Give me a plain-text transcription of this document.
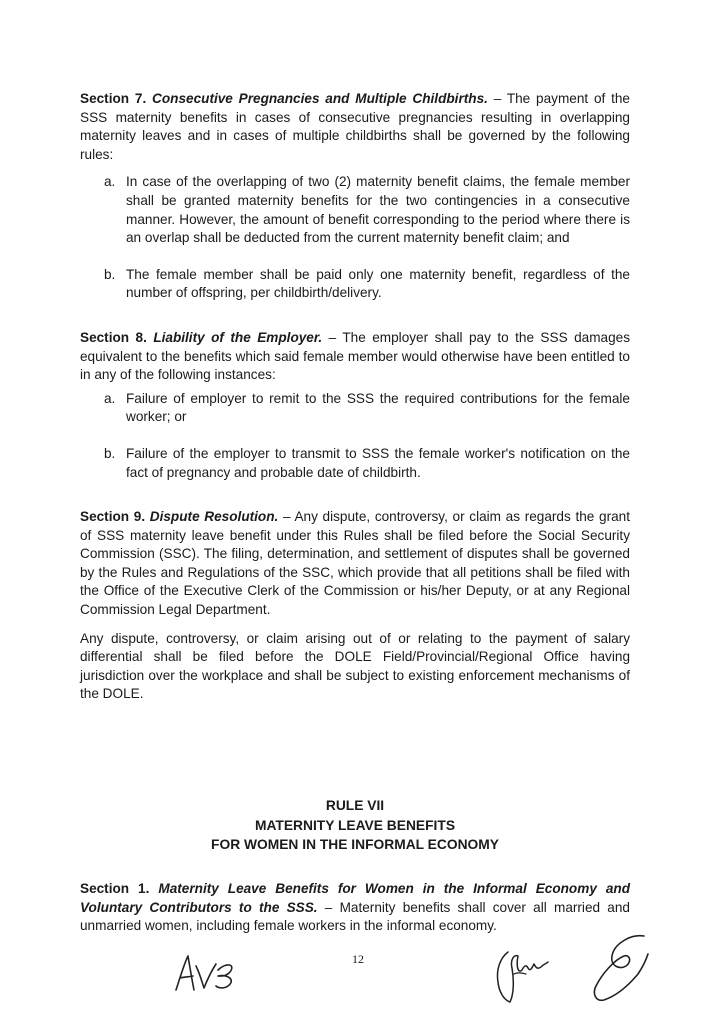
Section 7. Consecutive Pregnancies and Multiple Childbirths. – The payment of the SSS maternity benefits in cases of consecutive pregnancies resulting in overlapping maternity leaves and in cases of multiple childbirths shall be governed by the following rules:

a. In case of the overlapping of two (2) maternity benefit claims, the female member shall be granted maternity benefits for the two contingencies in a consecutive manner. However, the amount of benefit corresponding to the period where there is an overlap shall be deducted from the current maternity benefit claim; and

b. The female member shall be paid only one maternity benefit, regardless of the number of offspring, per childbirth/delivery.

Section 8. Liability of the Employer. – The employer shall pay to the SSS damages equivalent to the benefits which said female member would otherwise have been entitled to in any of the following instances:

a. Failure of employer to remit to the SSS the required contributions for the female worker; or

b. Failure of the employer to transmit to SSS the female worker's notification on the fact of pregnancy and probable date of childbirth.

Section 9. Dispute Resolution. – Any dispute, controversy, or claim as regards the grant of SSS maternity leave benefit under this Rules shall be filed before the Social Security Commission (SSC). The filing, determination, and settlement of disputes shall be governed by the Rules and Regulations of the SSC, which provide that all petitions shall be filed with the Office of the Executive Clerk of the Commission or his/her Deputy, or at any Regional Commission Legal Department.

Any dispute, controversy, or claim arising out of or relating to the payment of salary differential shall be filed before the DOLE Field/Provincial/Regional Office having jurisdiction over the workplace and shall be subject to existing enforcement mechanisms of the DOLE.

RULE VII
MATERNITY LEAVE BENEFITS
FOR WOMEN IN THE INFORMAL ECONOMY

Section 1. Maternity Leave Benefits for Women in the Informal Economy and Voluntary Contributors to the SSS. – Maternity benefits shall cover all married and unmarried women, including female workers in the informal economy.

12
